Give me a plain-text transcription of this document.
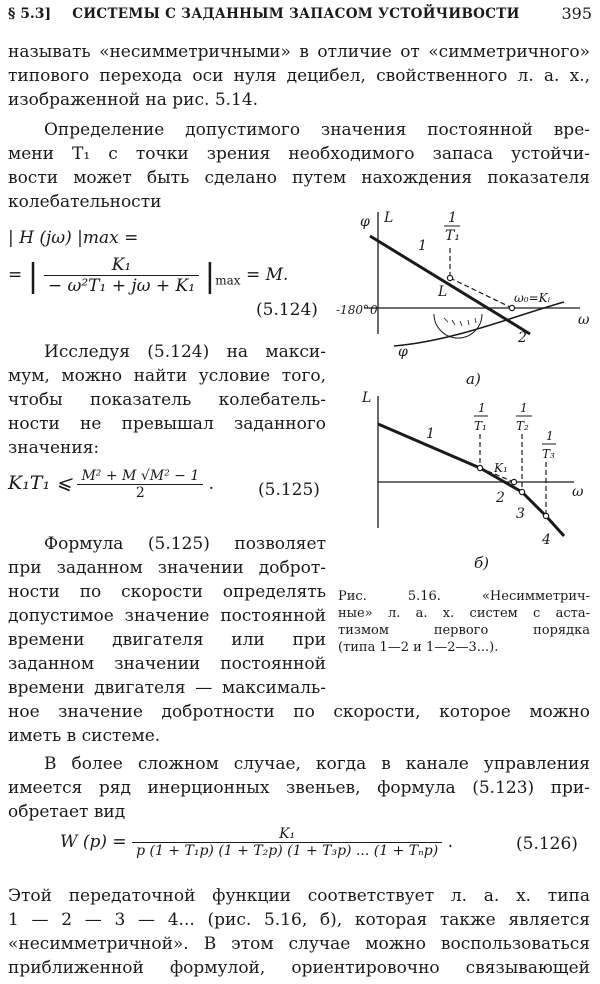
§ 5.3]	СИСТЕМЫ С ЗАДАННЫМ ЗАПАСОМ УСТОЙЧИВОСТИ	395
называть «несимметричными» в отличие от «симметричного»
типового перехода оси нуля децибел, свойственного л. а. х.,
изображенной на рис. 5.14.
Определение допустимого значения постоянной вре-
мени T₁ с точки зрения необходимого запаса устойчи-
вости может быть сделано путем нахождения показателя
колебательности
| H (jω) |max =
= | $\frac{\text{K₁}}{\text{− ω²T₁ + jω + K₁}} |_{max} = M$.
(5.124)
Исследуя (5.124) на макси-
мум, можно найти условие того,
чтобы показатель колебатель-
ности не превышал заданного
значения:
K₁T₁ ⩽ $\frac{\text{M² + M √M² − 1}}{2}$ .	(5.125)
Формула (5.125) позволяет
при заданном значении доброт-
ности по скорости определять
допустимое значение постоянной
времени двигателя или при
заданном значении постоянной
времени двигателя — максималь-
ное значение добротности по скорости, которое можно
иметь в системе.
В более сложном случае, когда в канале управления
имеется ряд инерционных звеньев, формула (5.123) при-
обретает вид
W $(p) = \frac{\text{K₁}}{\text{p (1 + T₁p) (1 + T₂p) (1 + T₃p) ... (1 + Tₙp)}}$ .	(5.126)
Этой передаточной функции соответствует л. а. х. типа
1 — 2 — 3 — 4... (рис. 5.16, б), которая также является
«несимметричной». В этом случае можно воспользоваться
приближенной формулой, ориентировочно связывающей
φ L	1
T₁
1
L
-180° 0
ω₀=Kᵢ
ω
2
φ
а)
L
1
1
T₁
1
T₂
1
T₃
K₁
ω
2
3
4
б)
Рис. 5.16. «Несимметрич-
ные» л. а. х. систем с аста-
тизмом первого порядка
(типа 1—2 и 1—2—3...).
